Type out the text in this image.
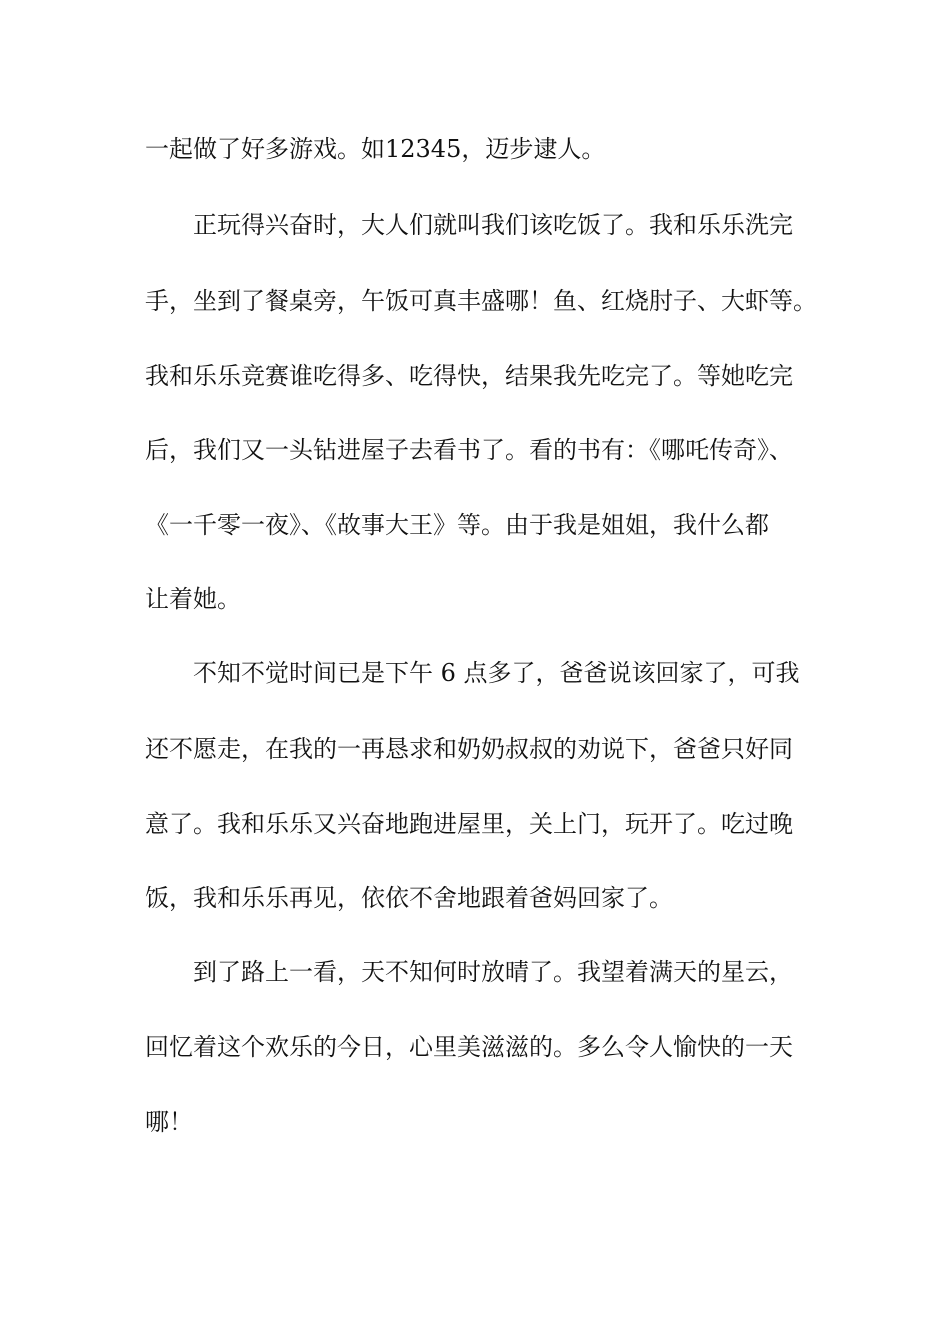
一起做了好多游戏。如12345，迈步逮人。
正玩得兴奋时，大人们就叫我们该吃饭了。我和乐乐洗完
手，坐到了餐桌旁，午饭可真丰盛哪！鱼、红烧肘子、大虾等。
我和乐乐竞赛谁吃得多、吃得快，结果我先吃完了。等她吃完
后，我们又一头钻进屋子去看书了。看的书有：《哪吒传奇》、
《一千零一夜》、《故事大王》等。由于我是姐姐，我什么都
让着她。
不知不觉时间已是下午 6 点多了，爸爸说该回家了，可我
还不愿走，在我的一再恳求和奶奶叔叔的劝说下，爸爸只好同
意了。我和乐乐又兴奋地跑进屋里，关上门，玩开了。吃过晚
饭，我和乐乐再见，依依不舍地跟着爸妈回家了。
到了路上一看，天不知何时放晴了。我望着满天的星云，
回忆着这个欢乐的今日，心里美滋滋的。多么令人愉快的一天
哪！
